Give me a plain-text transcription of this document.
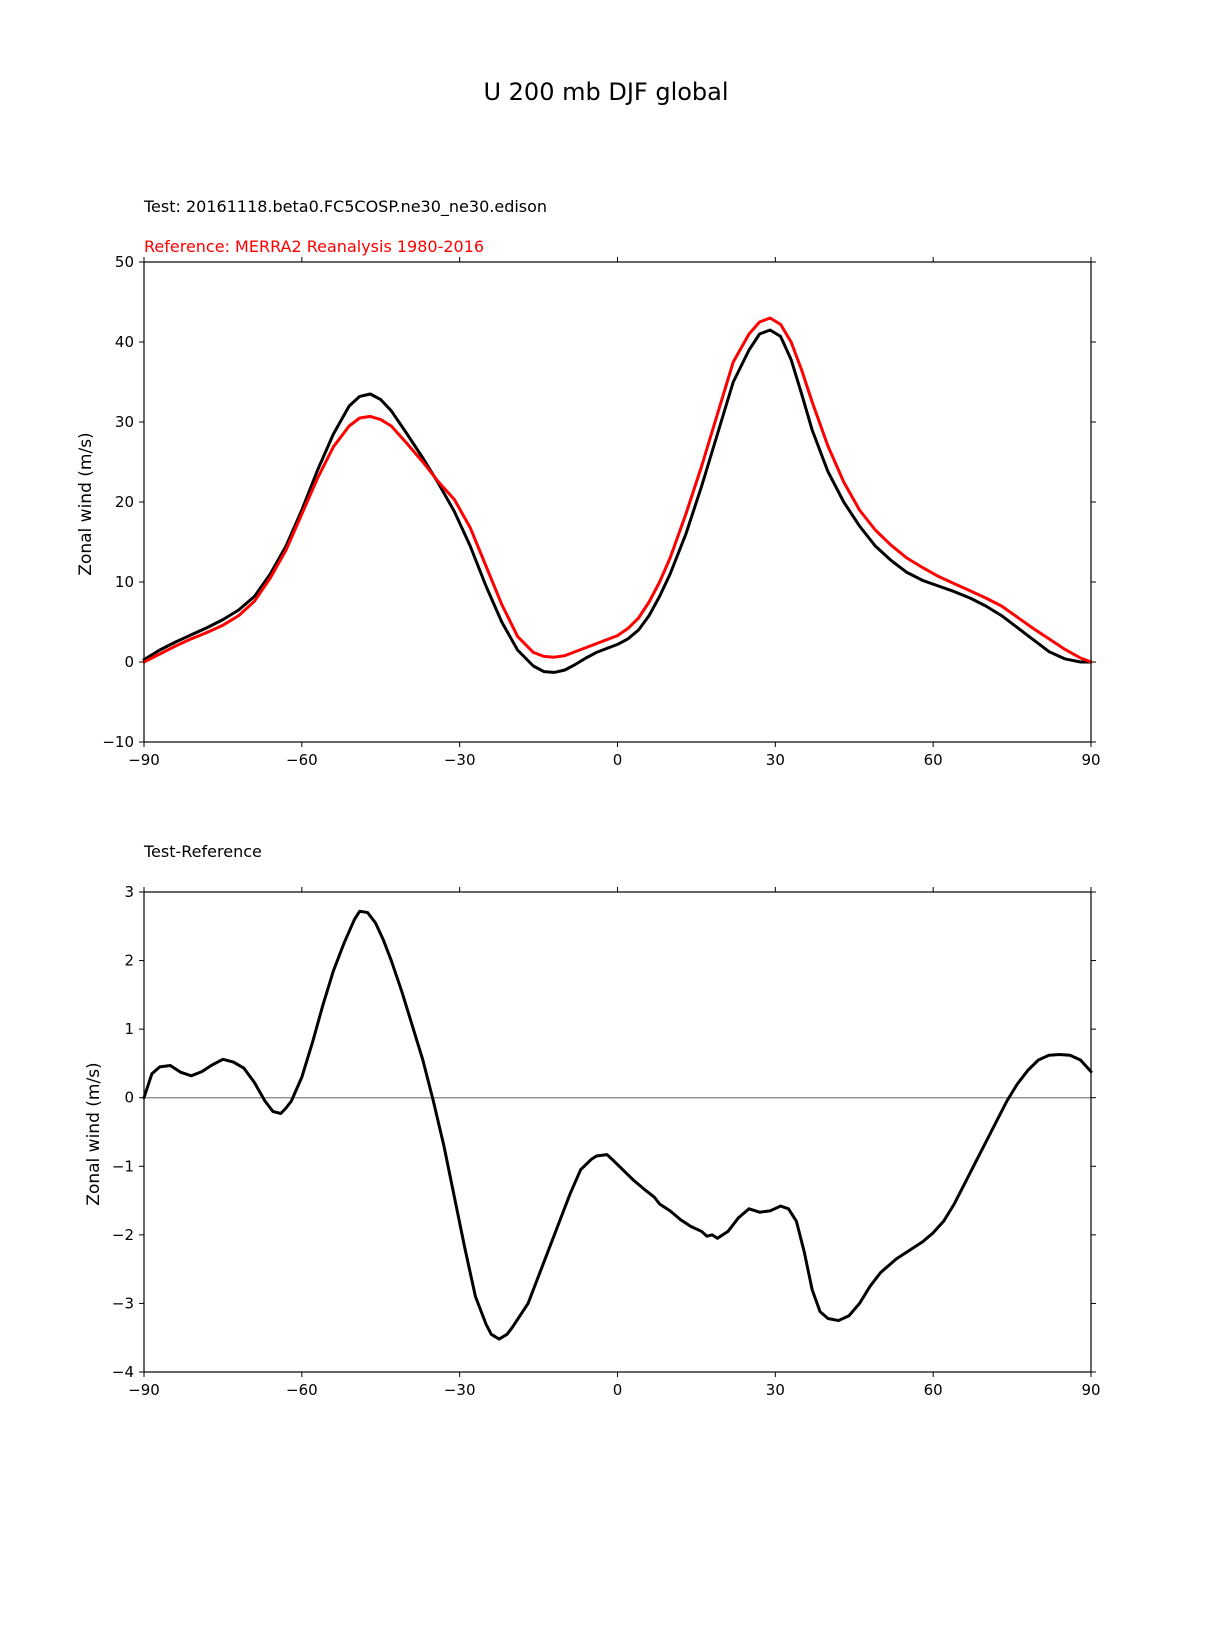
U 200 mb DJF global
Test: 20161118.beta0.FC5COSP.ne30_ne30.edison
Reference: MERRA2 Reanalysis 1980-2016
Zonal wind (m/s)
−90	−60	−30	0	30	60	90
−10
0
10
20
30
40
50
Test-Reference
Zonal wind (m/s)
−90	−60	−30	0	30	60	90
−4
−3
−2
−1
0
1
2
3
